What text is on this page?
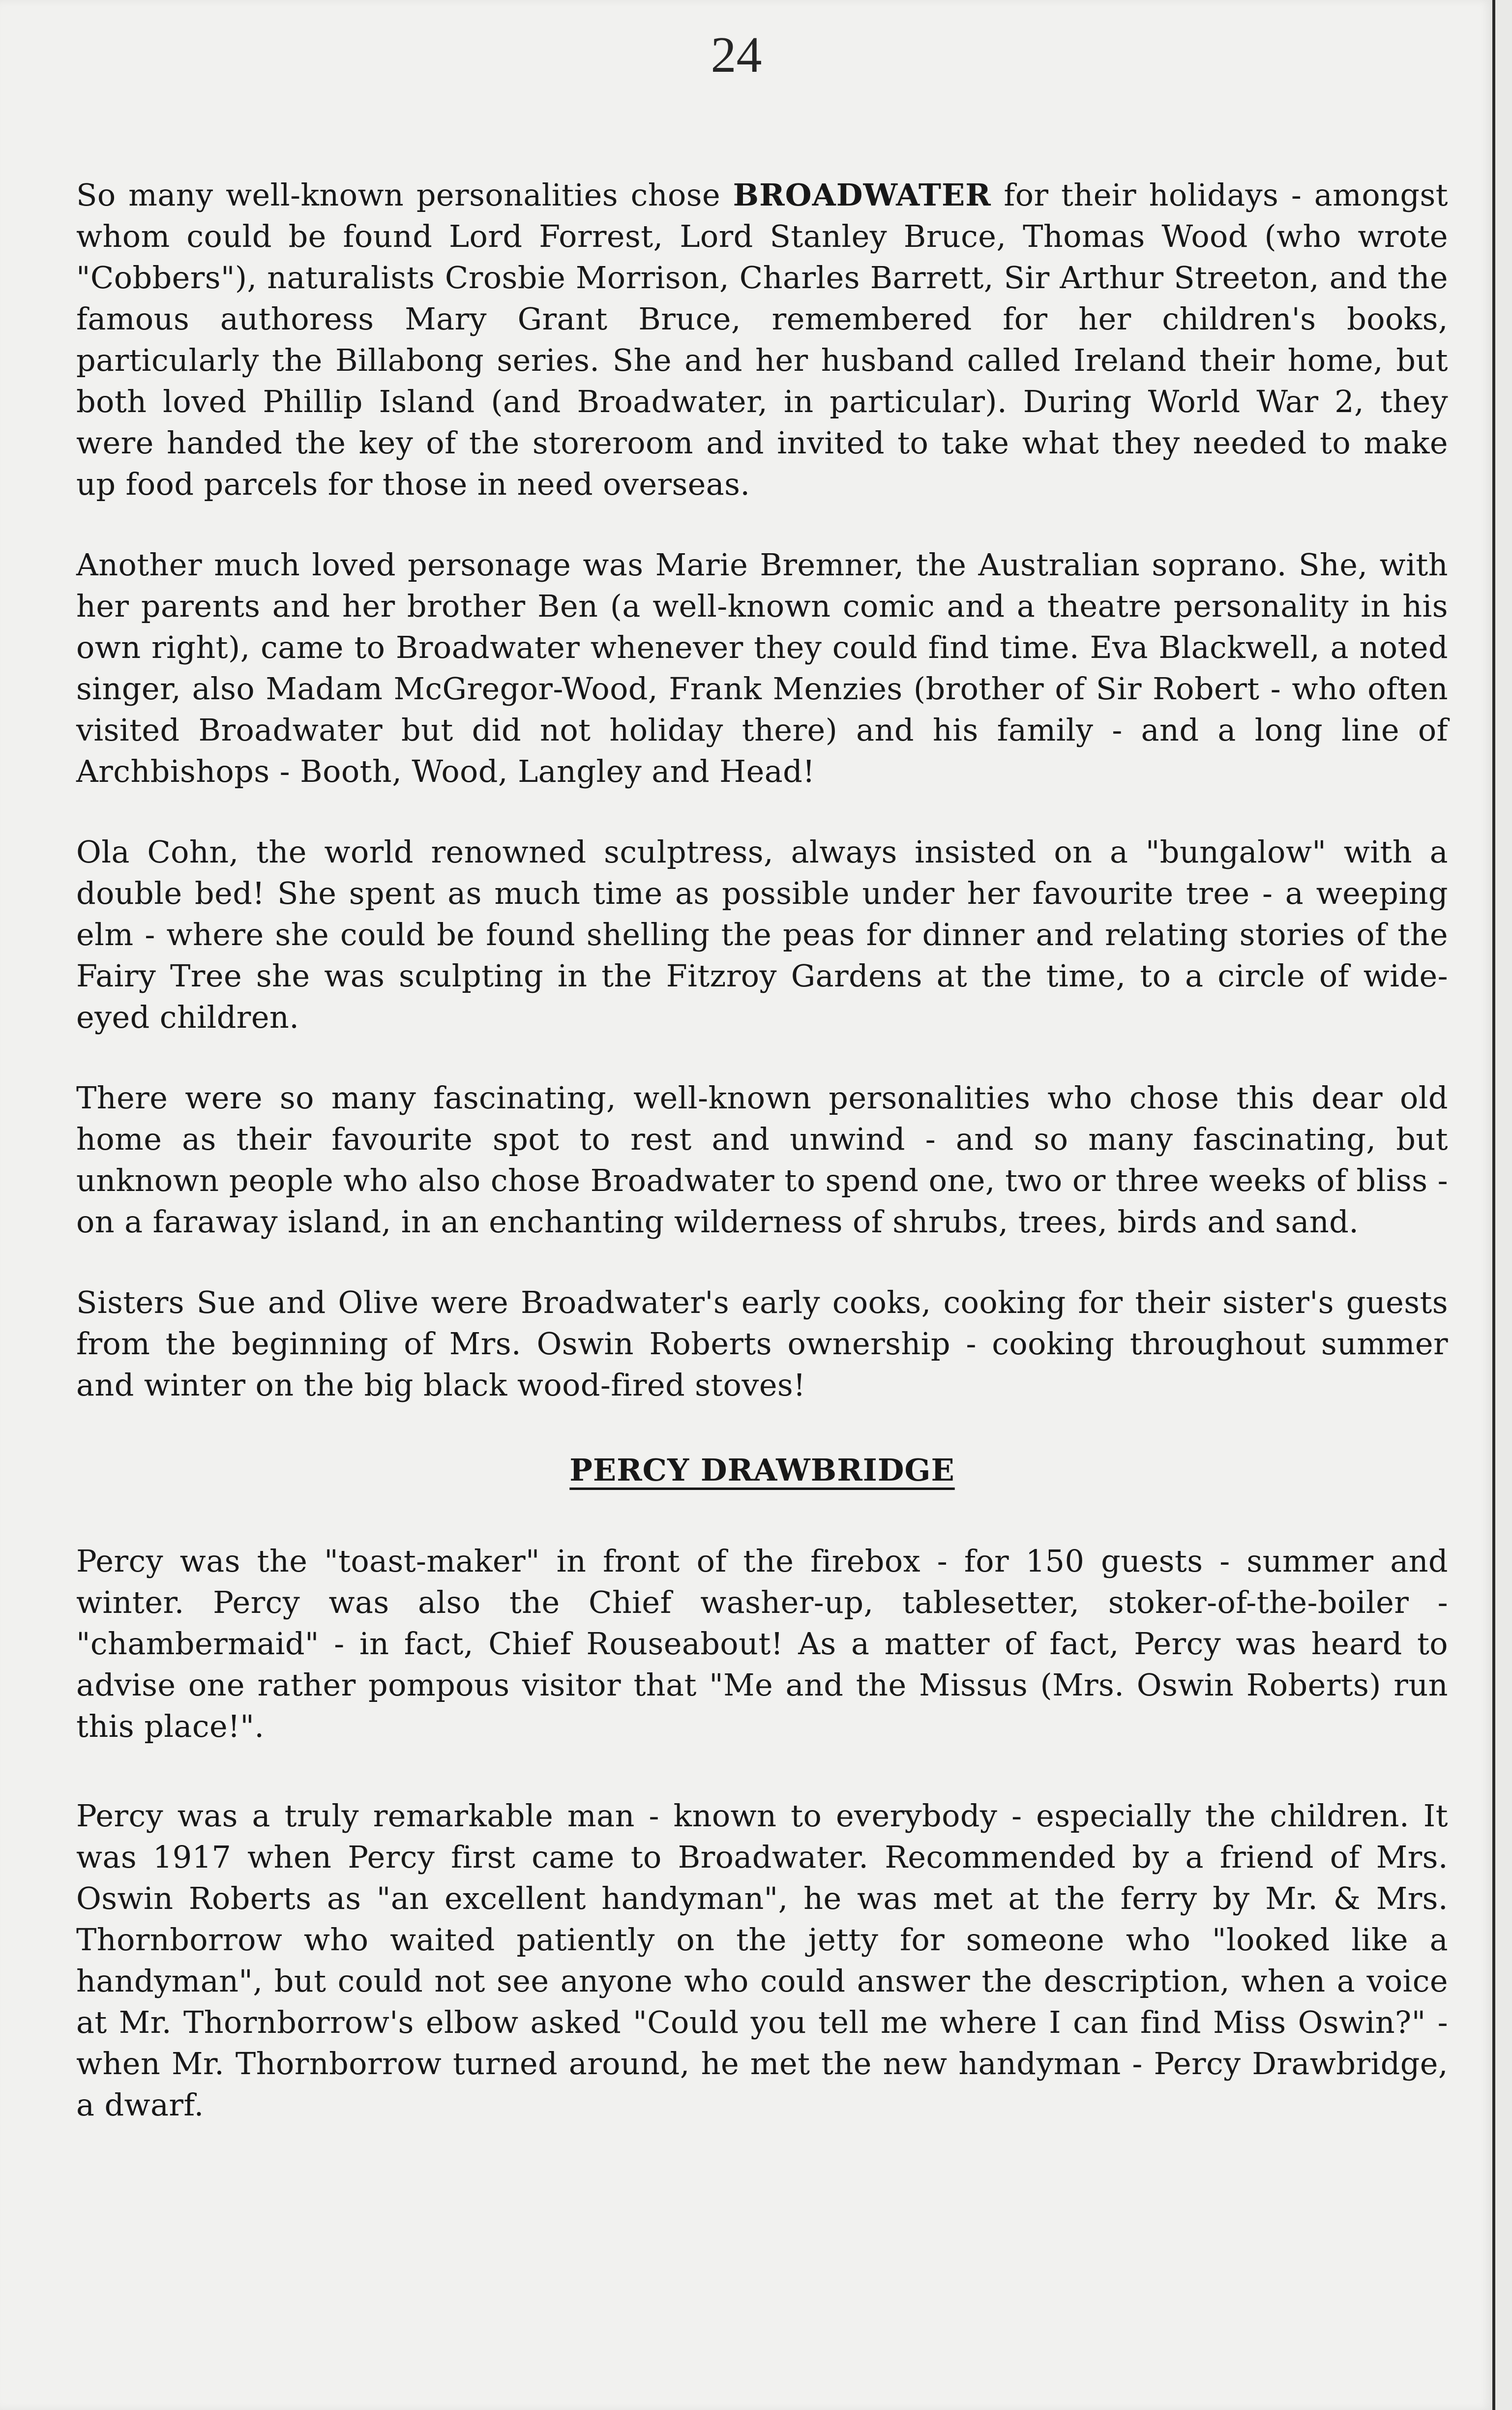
24

So many well-known personalities chose BROADWATER for their holidays - amongst whom could be found Lord Forrest, Lord Stanley Bruce, Thomas Wood (who wrote "Cobbers"), naturalists Crosbie Morrison, Charles Barrett, Sir Arthur Streeton, and the famous authoress Mary Grant Bruce, remembered for her children's books, particularly the Billabong series. She and her husband called Ireland their home, but both loved Phillip Island (and Broadwater, in particular). During World War 2, they were handed the key of the storeroom and invited to take what they needed to make up food parcels for those in need overseas.

Another much loved personage was Marie Bremner, the Australian soprano. She, with her parents and her brother Ben (a well-known comic and a theatre personality in his own right), came to Broadwater whenever they could find time. Eva Blackwell, a noted singer, also Madam McGregor-Wood, Frank Menzies (brother of Sir Robert - who often visited Broadwater but did not holiday there) and his family - and a long line of Archbishops - Booth, Wood, Langley and Head!

Ola Cohn, the world renowned sculptress, always insisted on a "bungalow" with a double bed! She spent as much time as possible under her favourite tree - a weeping elm - where she could be found shelling the peas for dinner and relating stories of the Fairy Tree she was sculpting in the Fitzroy Gardens at the time, to a circle of wide-eyed children.

There were so many fascinating, well-known personalities who chose this dear old home as their favourite spot to rest and unwind - and so many fascinating, but unknown people who also chose Broadwater to spend one, two or three weeks of bliss - on a faraway island, in an enchanting wilderness of shrubs, trees, birds and sand.

Sisters Sue and Olive were Broadwater's early cooks, cooking for their sister's guests from the beginning of Mrs. Oswin Roberts ownership - cooking throughout summer and winter on the big black wood-fired stoves!

PERCY DRAWBRIDGE

Percy was the "toast-maker" in front of the firebox - for 150 guests - summer and winter. Percy was also the Chief washer-up, tablesetter, stoker-of-the-boiler - "chambermaid" - in fact, Chief Rouseabout! As a matter of fact, Percy was heard to advise one rather pompous visitor that "Me and the Missus (Mrs. Oswin Roberts) run this place!".

Percy was a truly remarkable man - known to everybody - especially the children. It was 1917 when Percy first came to Broadwater. Recommended by a friend of Mrs. Oswin Roberts as "an excellent handyman", he was met at the ferry by Mr. & Mrs. Thornborrow who waited patiently on the jetty for someone who "looked like a handyman", but could not see anyone who could answer the description, when a voice at Mr. Thornborrow's elbow asked "Could you tell me where I can find Miss Oswin?" - when Mr. Thornborrow turned around, he met the new handyman - Percy Drawbridge, a dwarf.
